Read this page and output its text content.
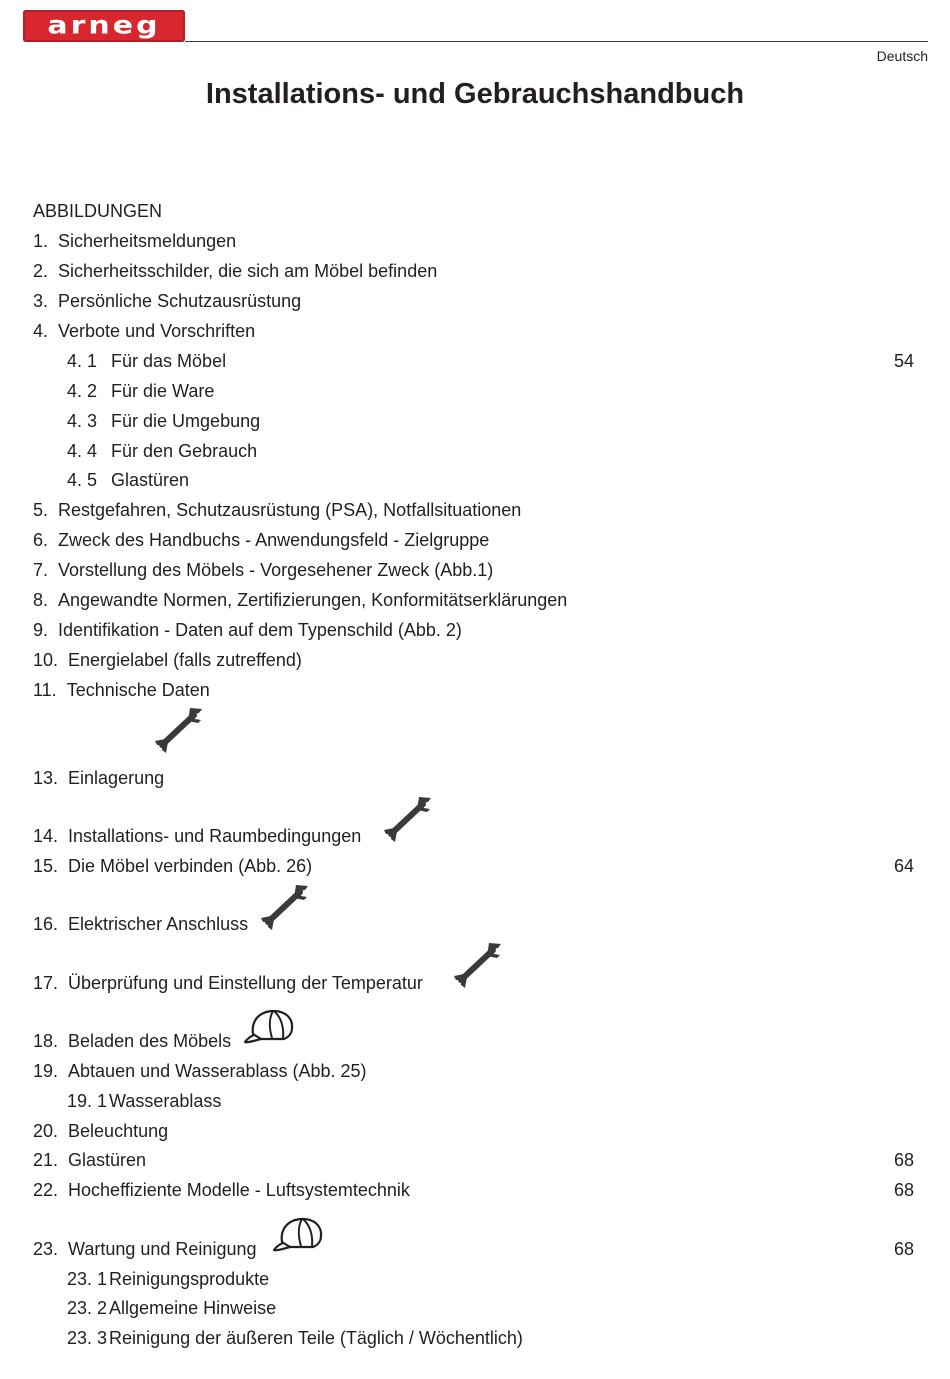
arneg
Deutsch
Installations- und Gebrauchshandbuch
ABBILDUNGEN
1. Sicherheitsmeldungen
2. Sicherheitsschilder, die sich am Möbel befinden
3. Persönliche Schutzausrüstung
4. Verbote und Vorschriften
4. 1 Für das Möbel	54
4. 2 Für die Ware
4. 3 Für die Umgebung
4. 4 Für den Gebrauch
4. 5 Glastüren
5. Restgefahren, Schutzausrüstung (PSA), Notfallsituationen
6. Zweck des Handbuchs - Anwendungsfeld - Zielgruppe
7. Vorstellung des Möbels - Vorgesehener Zweck (Abb.1)
8. Angewandte Normen, Zertifizierungen, Konformitätserklärungen
9. Identifikation - Daten auf dem Typenschild (Abb. 2)
10. Energielabel (falls zutreffend)
11. Technische Daten
13. Einlagerung
14. Installations- und Raumbedingungen
15. Die Möbel verbinden (Abb. 26)	64
16. Elektrischer Anschluss
17. Überprüfung und Einstellung der Temperatur
18. Beladen des Möbels
19. Abtauen und Wasserablass (Abb. 25)
19. 1 Wasserablass
20. Beleuchtung
21. Glastüren	68
22. Hocheffiziente Modelle - Luftsystemtechnik	68
23. Wartung und Reinigung	68
23. 1 Reinigungsprodukte
23. 2 Allgemeine Hinweise
23. 3 Reinigung der äußeren Teile (Täglich / Wöchentlich)
